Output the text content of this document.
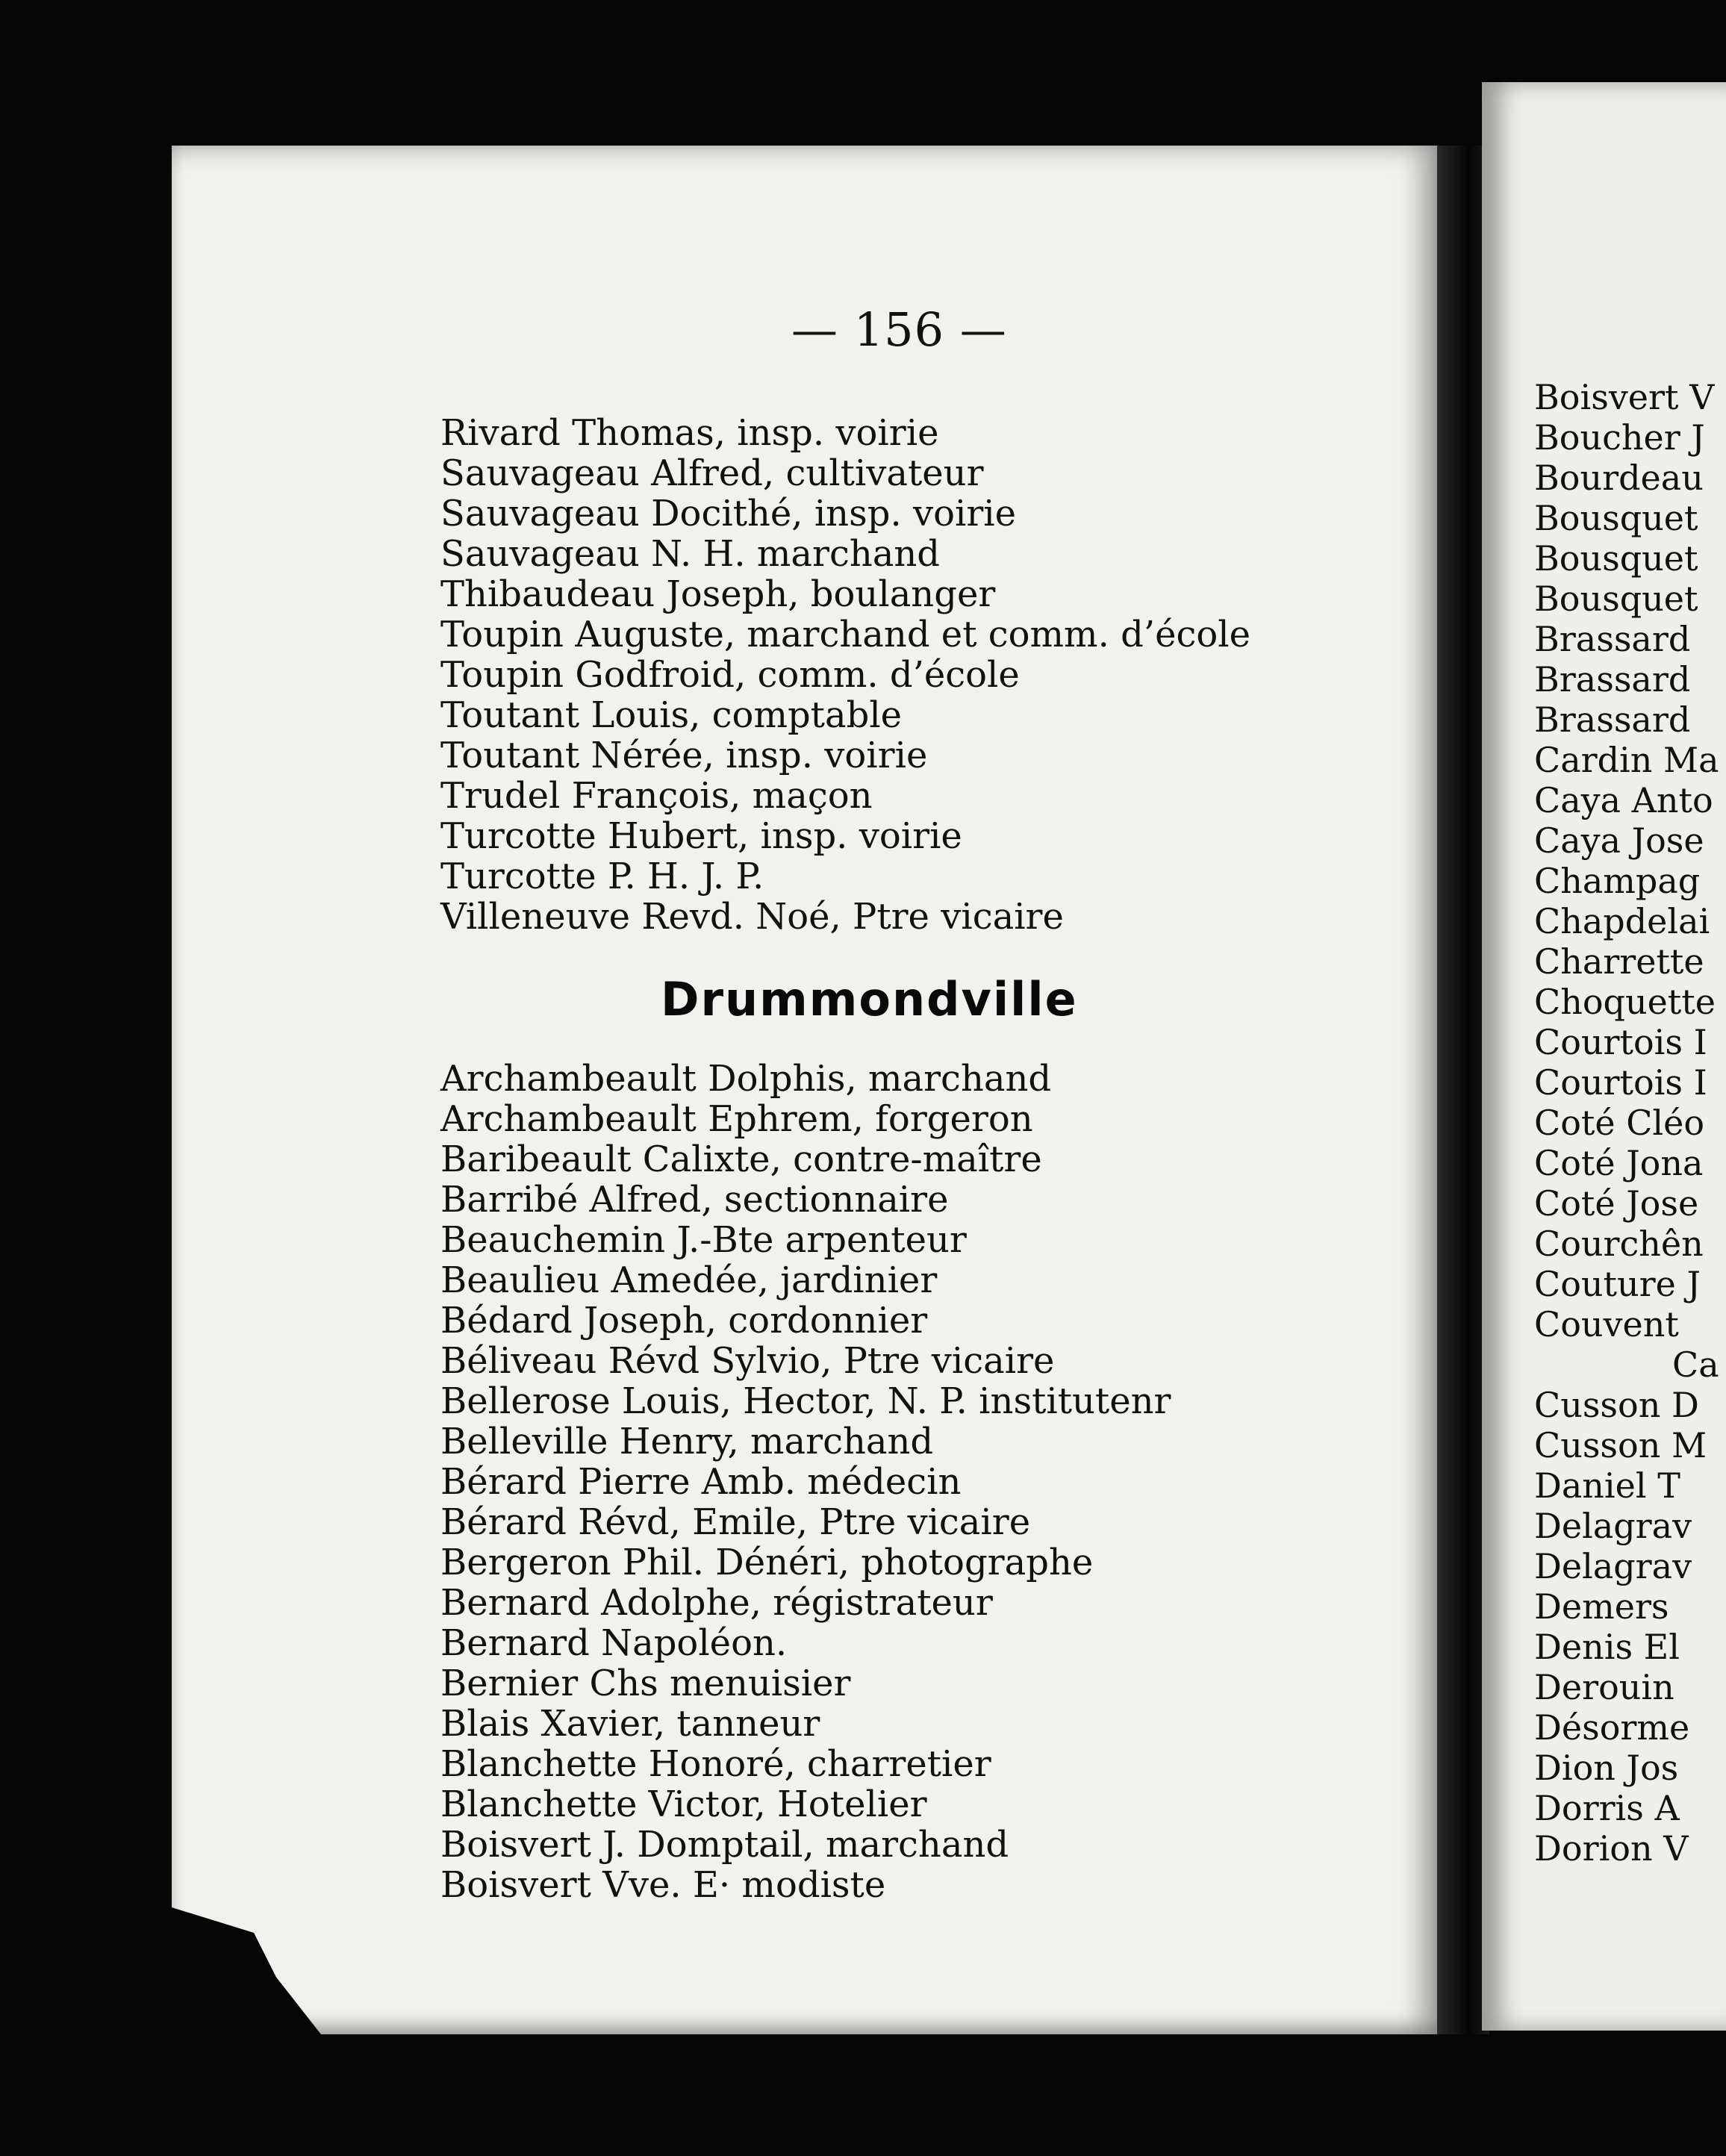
— 156 —
Rivard Thomas, insp. voirie
Sauvageau Alfred, cultivateur
Sauvageau Docithé, insp. voirie
Sauvageau N. H. marchand
Thibaudeau Joseph, boulanger
Toupin Auguste, marchand et comm. d’école
Toupin Godfroid, comm. d’école
Toutant Louis, comptable
Toutant Nérée, insp. voirie
Trudel François, maçon
Turcotte Hubert, insp. voirie
Turcotte P. H. J. P.
Villeneuve Revd. Noé, Ptre vicaire
Drummondville
Archambeault Dolphis, marchand
Archambeault Ephrem, forgeron
Baribeault Calixte, contre-maître
Barribé Alfred, sectionnaire
Beauchemin J.-Bte arpenteur
Beaulieu Amedée, jardinier
Bédard Joseph, cordonnier
Béliveau Révd Sylvio, Ptre vicaire
Bellerose Louis, Hector, N. P. institutenr
Belleville Henry, marchand
Bérard Pierre Amb. médecin
Bérard Révd, Emile, Ptre vicaire
Bergeron Phil. Dénéri, photographe
Bernard Adolphe, régistrateur
Bernard Napoléon.
Bernier Chs menuisier
Blais Xavier, tanneur
Blanchette Honoré, charretier
Blanchette Victor, Hotelier
Boisvert J. Domptail, marchand
Boisvert Vve. E· modiste
Boisvert V
Boucher J
Bourdeau
Bousquet
Bousquet
Bousquet
Brassard
Brassard
Brassard
Cardin Ma
Caya Anto
Caya Jose
Champag
Chapdelai
Charrette
Choquette
Courtois I
Courtois I
Coté Cléo
Coté Jona
Coté Jose
Courchên
Couture J
Couvent
Ca
Cusson D
Cusson M
Daniel T
Delagrav
Delagrav
Demers
Denis El
Derouin
Désorme
Dion Jos
Dorris A
Dorion V
